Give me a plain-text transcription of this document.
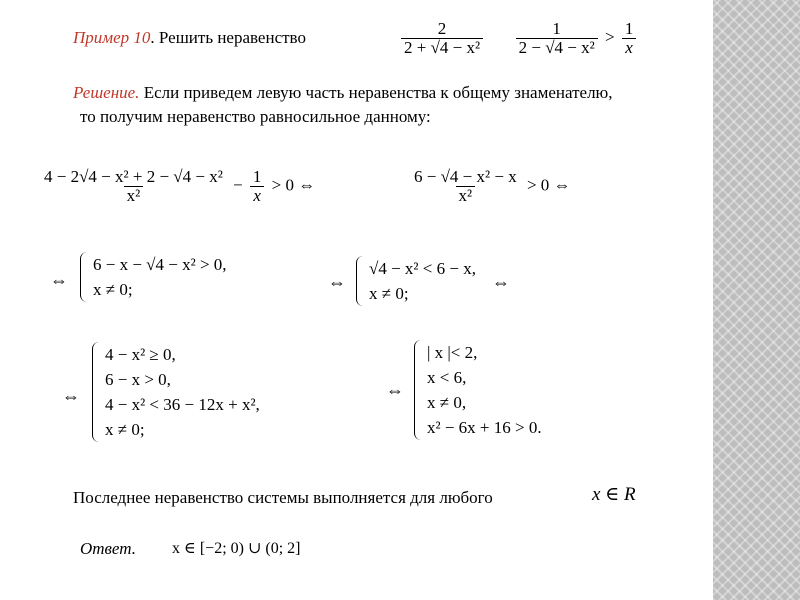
Пример 10. Решить неравенство	$\frac{2}{\text{2 + √4 − x²}}$
$\frac{1}{\text{2 − √4 − x²}} > \frac{1}{x}$
Решение. Если приведем левую часть неравенства к общему знаменателю,
то получим неравенство равносильное данному:
$\frac{\text{4 − 2√4 − x² + 2 − √4 − x²}}{\text{x²}} - \frac{1}{x} > 0$ ⇔	$\frac{\text{6 − √4 − x² − x}}{\text{x²}} > 0$ ⇔
⇔
6 − x − √4 − x² > 0,
x ≠ 0;	⇔
√4 − x² < 6 − x,
x ≠ 0;
⇔
⇔
4 − x² ≥ 0,
6 − x > 0,
4 − x² < 36 − 12x + x²,
x ≠ 0;
⇔
| x |< 2,
x < 6,
x ≠ 0,
x² − 6x + 16 > 0.
Последнее неравенство системы выполняется для любого	x ∈ R
Ответ. x ∈ [−2; 0) ∪ (0; 2]
